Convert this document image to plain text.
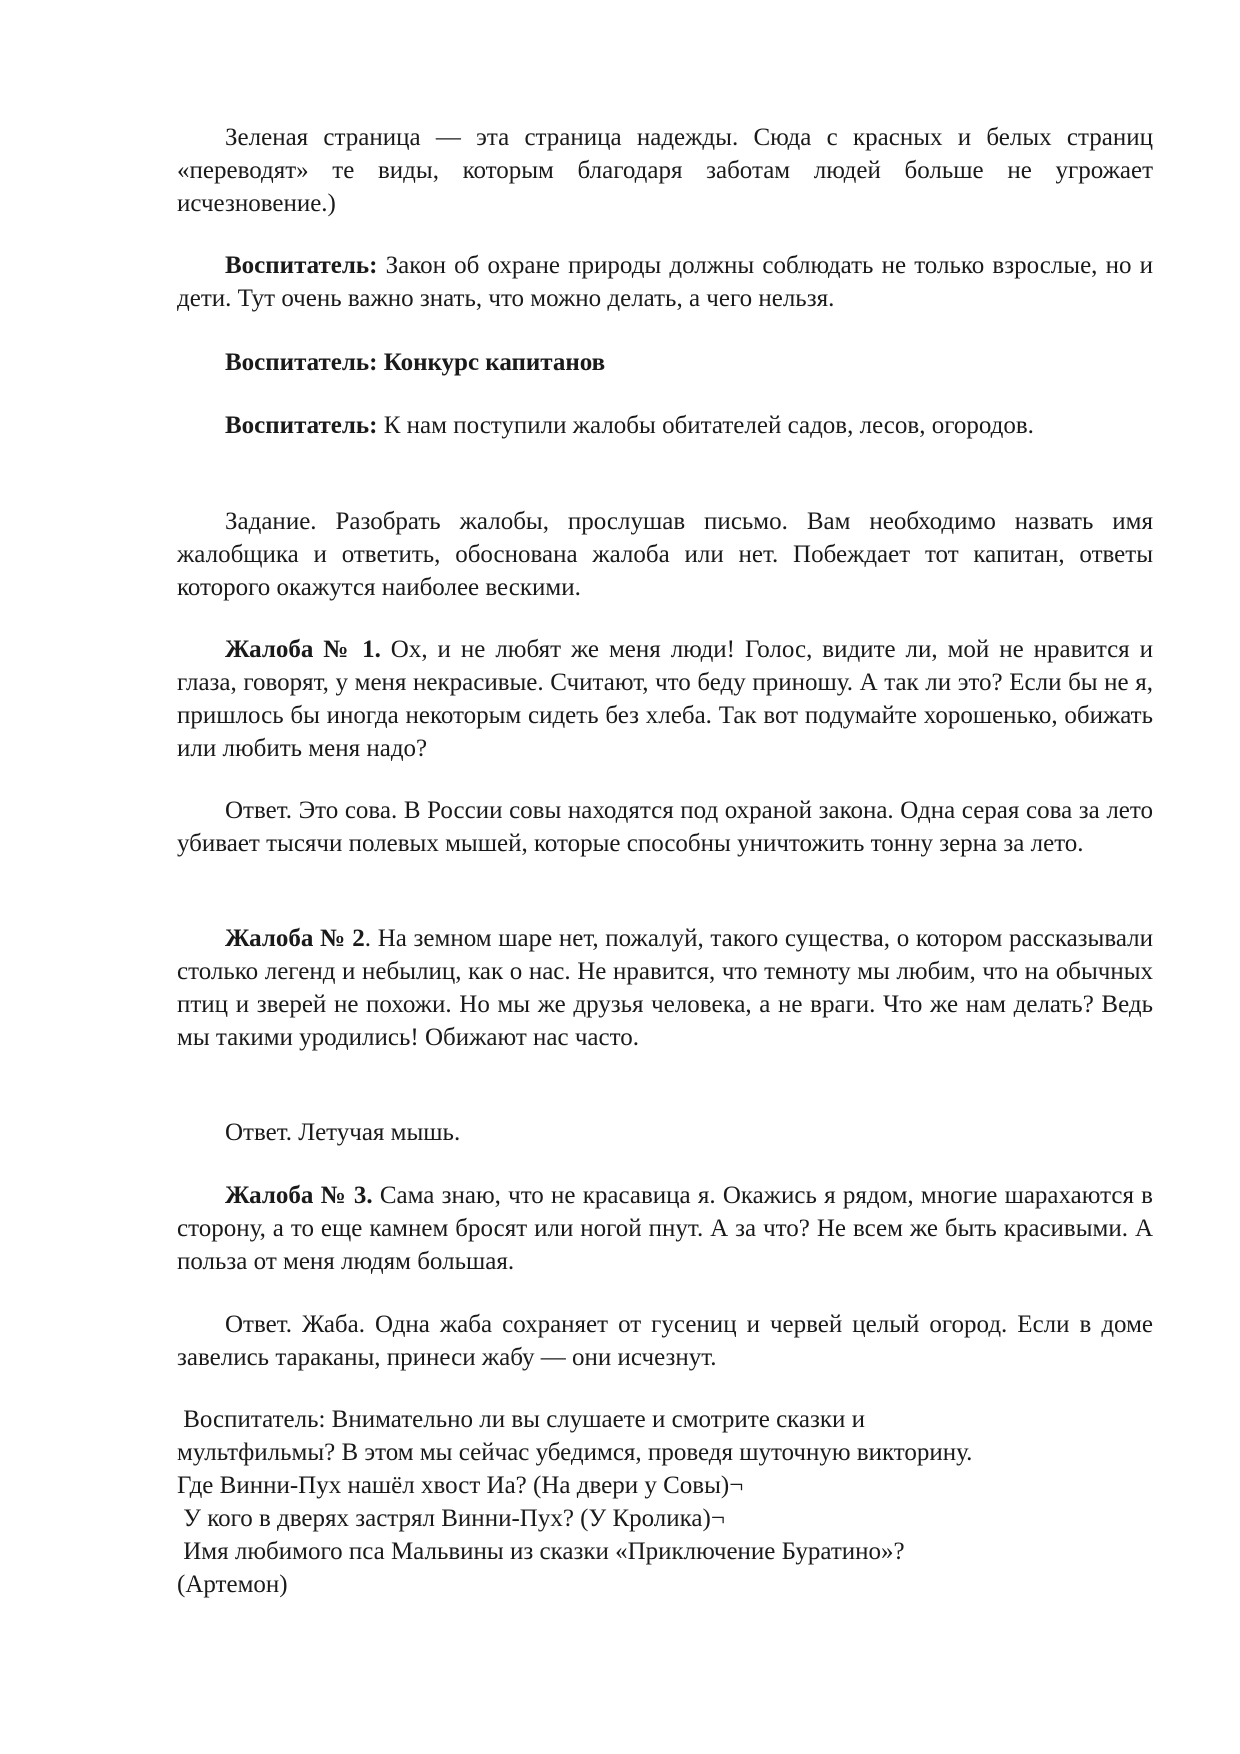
Зеленая страница — эта страница надежды. Сюда с красных и белых страниц «переводят» те виды, которым благодаря заботам людей больше не угрожает исчезновение.)

Воспитатель: Закон об охране природы должны соблюдать не только взрослые, но и дети. Тут очень важно знать, что можно делать, а чего нельзя.

Воспитатель: Конкурс капитанов

Воспитатель: К нам поступили жалобы обитателей садов, лесов, огородов.

Задание. Разобрать жалобы, прослушав письмо. Вам необходимо назвать имя жалобщика и ответить, обоснована жалоба или нет. Побеждает тот капитан, ответы которого окажутся наиболее вескими.

Жалоба № 1. Ох, и не любят же меня люди! Голос, видите ли, мой не нравится и глаза, говорят, у меня некрасивые. Считают, что беду приношу. А так ли это? Если бы не я, пришлось бы иногда некоторым сидеть без хлеба. Так вот подумайте хорошенько, обижать или любить меня надо?

Ответ. Это сова. В России совы находятся под охраной закона. Одна серая сова за лето убивает тысячи полевых мышей, которые способны уничтожить тонну зерна за лето.

Жалоба № 2. На земном шаре нет, пожалуй, такого существа, о котором рассказывали столько легенд и небылиц, как о нас. Не нравится, что темноту мы любим, что на обычных птиц и зверей не похожи. Но мы же друзья человека, а не враги. Что же нам делать? Ведь мы такими уродились! Обижают нас часто.

Ответ. Летучая мышь.

Жалоба № 3. Сама знаю, что не красавица я. Окажись я рядом, многие шарахаются в сторону, а то еще камнем бросят или ногой пнут. А за что? Не всем же быть красивыми. А польза от меня людям большая.

Ответ. Жаба. Одна жаба сохраняет от гусениц и червей целый огород. Если в доме завелись тараканы, принеси жабу — они исчезнут.

Воспитатель: Внимательно ли вы слушаете и смотрите сказки и
мультфильмы? В этом мы сейчас убедимся, проведя шуточную викторину.
Где Винни-Пух нашёл хвост Иа? (На двери у Совы)¬
У кого в дверях застрял Винни-Пух? (У Кролика)¬
Имя любимого пса Мальвины из сказки «Приключение Буратино»?
(Артемон)
